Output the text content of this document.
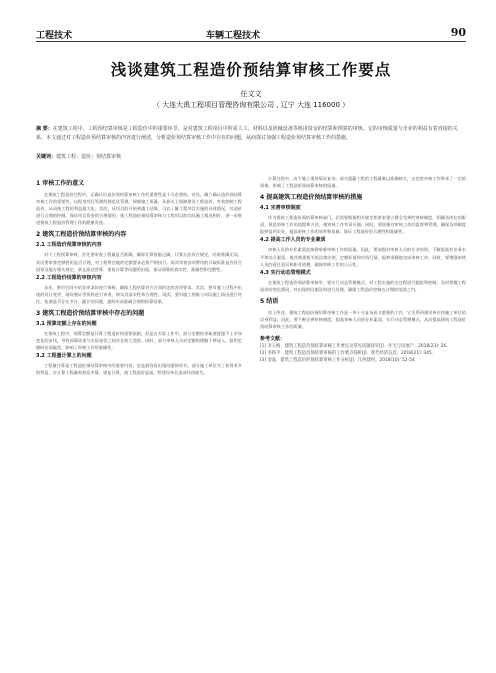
工程技术	车辆工程技术	90
浅谈建筑工程造价预结算审核工作要点
任文文
（ 大连大禹工程项目管理咨询有限公司 , 辽宁 大连 116000 ）
摘 要：在建筑工程中，工程预结算审核是工程造价中的重要环节，是对建筑工程项目中所需人工、材料以及机械设备等耗用资金的结算和预算的审核。它的审核质量与企业的利益有着直接的关系。本文通过对工程造价预结算审核的内容进行阐述，分析造价预结算审核工作中存在的问题，从而探讨加强工程造价预结算审核工作的措施。
关键词：建筑工程；造价；预结算审核
1 审核工作的意义
在建筑工程造价过程中，正确认识造价预结算审核工作的重要性是十分必要的。首先，确立确认造价预结算审核工作的重要性，以促进项目管理的规范化管理，保障施工质量，从源头上保障建设工程造价，有效控制工程造价，从而使工程的利益最大化。其次，从项目的开始到竣工结算，可以了解工程项目实施的具体情况，对造价进行合理的控制，保证项目资金的合理使用，使工程造价预结算审核与工程项目的实际施工情况相符，进一步推进建筑工程造价管理工作的健康发展。
2 建筑工程造价预结算审核的内容
2.1 工程造价预算审核的内容
对于工程预算审核，首先要审查工程量是否准确，确保计算依据正确，计算方法符合规定，结果准确无误。其次要审查定额套用是否合理，对工程所在地的定额要求必须严格执行。再次审查各项费用的计取标准是否符合国家及地方相关规定，防止高估冒算、重复计算等问题的出现，保证预算的真实性、准确性和完整性。
2.2 工程造价结算的审核内容
首先，要对合同中的各项条款进行审核，确保工程结算符合合同约定的各项要求。其次，要对施工过程中出现的设计变更、现场签证等资料进行审查，核实其真实性和合理性。再次，要对竣工图纸与实际施工情况进行对比，检查是否存在多计、漏计的问题，最终形成准确合理的结算结果。
3 建筑工程造价预结算审核中存在的问题
3.1 预算定额上存在的问题
在建筑工程中，预算定额是计算工程造价的重要依据。但是在实际工作中，部分定额的更新速度跟不上市场变化的步伐，导致预算结果与实际造价之间存在较大差距。同时，部分审核人员对定额的理解不够深入，套用定额时出现偏差，影响了审核工作的准确性。
3.2 工程量计算上的问题
工程量计算是工程造价预结算审核中的重要内容，也是最容易出现问题的环节。部分施工单位为了获得更多的利益，在计算工程量时故意多算、重复计算，使工程造价虚高，给建设单位造成经济损失。
计算过程中，由于施工现场情况复杂，部分隐蔽工程的工程量难以准确核实，这也给审核工作带来了一定的困难，影响了工程造价预结算审核的质量。
4 提高建筑工程造价预结算审核的措施
4.1 完善审核制度
作为建筑工程造价预结算审核部门，必须要根据相关规定和要求建立健全完善的审核制度，明确各岗位的职责，规范审核工作的流程和方法，使审核工作有章可循。同时，要加强对审核工作的监督和管理，确保各项制度能够落到实处，提高审核工作的效率和质量，保证工程造价的合理性和准确性。
4.2 提高工作人员的专业素质
审核人员的专业素质直接影响着审核工作的质量。因此，要加强对审核人员的专业培训，不断提高其业务水平和综合素质，使其熟悉相关的法律法规、定额标准和市场行情，能够准确地完成审核工作。同时，要增强审核人员的责任意识和职业道德，确保审核工作的公正性。
4.3 实行动态管理模式
在建筑工程造价预结算审核中，要实行动态管理模式，对工程实施的全过程进行跟踪和控制，及时掌握工程造价的变化情况，对出现的问题及时进行处理，确保工程造价控制在合理的范围之内。
5 结语
综上所述，建筑工程造价预结算审核工作是一项十分复杂而又重要的工作，它关系到建设单位和施工单位的切身利益。因此，要不断完善审核制度，提高审核人员的专业素质，实行动态管理模式，从而提高建筑工程造价预结算审核工作的质量。
参考文献：

[1] 李玉梅．建筑工程造价预结算审核工作要点及常见问题探究[J]．住宅与房地产，2018(23): 26.

[2] 李和平．建筑工程造价预结算审核的工作要点探析[J]．现代经济信息，2018(21): 345.

[3] 金晶．建筑工程造价的预结算审核工作分析[J]．江西建材，2018(10): 52-54.
